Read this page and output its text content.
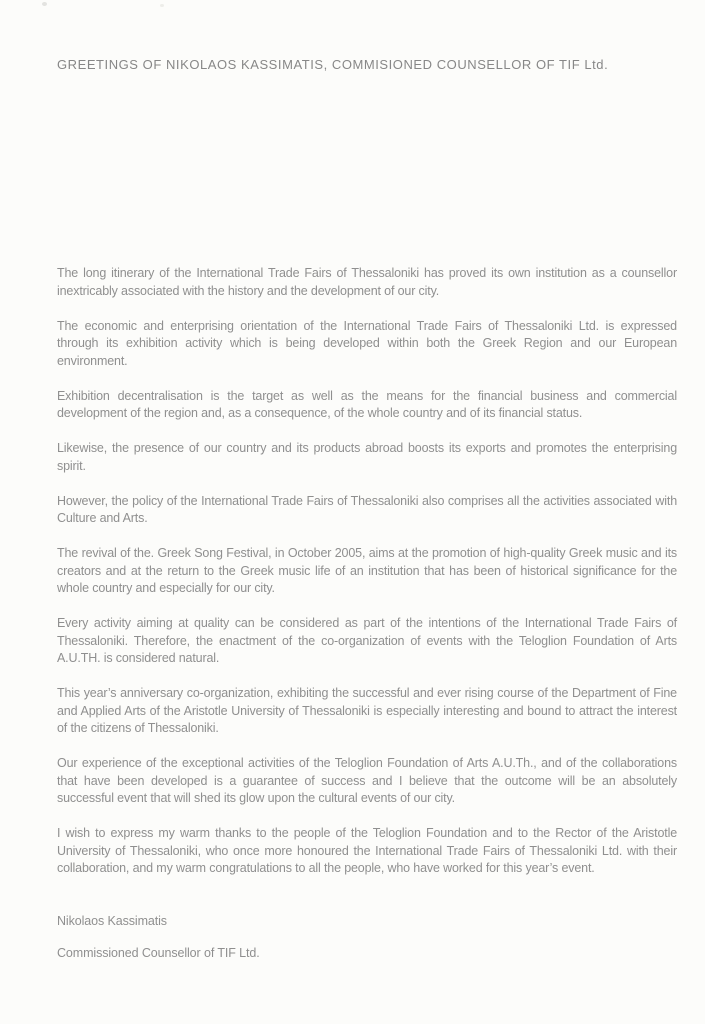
GREETINGS OF NIKOLAOS KASSIMATIS, COMMISIONED COUNSELLOR OF TIF Ltd.

The long itinerary of the International Trade Fairs of Thessaloniki has proved its own institution as a counsellor inextricably associated with the history and the development of our city.

The economic and enterprising orientation of the International Trade Fairs of Thessaloniki Ltd. is expressed through its exhibition activity which is being developed within both the Greek Region and our European environment.

Exhibition decentralisation is the target as well as the means for the financial business and commercial development of the region and, as a consequence, of the whole country and of its financial status.

Likewise, the presence of our country and its products abroad boosts its exports and promotes the enterprising spirit.

However, the policy of the International Trade Fairs of Thessaloniki also comprises all the activities associated with Culture and Arts.

The revival of the. Greek Song Festival, in October 2005, aims at the promotion of high-quality Greek music and its creators and at the return to the Greek music life of an institution that has been of historical significance for the whole country and especially for our city.

Every activity aiming at quality can be considered as part of the intentions of the International Trade Fairs of Thessaloniki. Therefore, the enactment of the co-organization of events with the Teloglion Foundation of Arts A.U.TH. is considered natural.

This year’s anniversary co-organization, exhibiting the successful and ever rising course of the Department of Fine and Applied Arts of the Aristotle University of Thessaloniki is especially interesting and bound to attract the interest of the citizens of Thessaloniki.

Our experience of the exceptional activities of the Teloglion Foundation of Arts A.U.Th., and of the collaborations that have been developed is a guarantee of success and I believe that the outcome will be an absolutely successful event that will shed its glow upon the cultural events of our city.

I wish to express my warm thanks to the people of the Teloglion Foundation and to the Rector of the Aristotle University of Thessaloniki, who once more honoured the International Trade Fairs of Thessaloniki Ltd. with their collaboration, and my warm congratulations to all the people, who have worked for this year’s event.

Nikolaos Kassimatis

Commissioned Counsellor of TIF Ltd.
